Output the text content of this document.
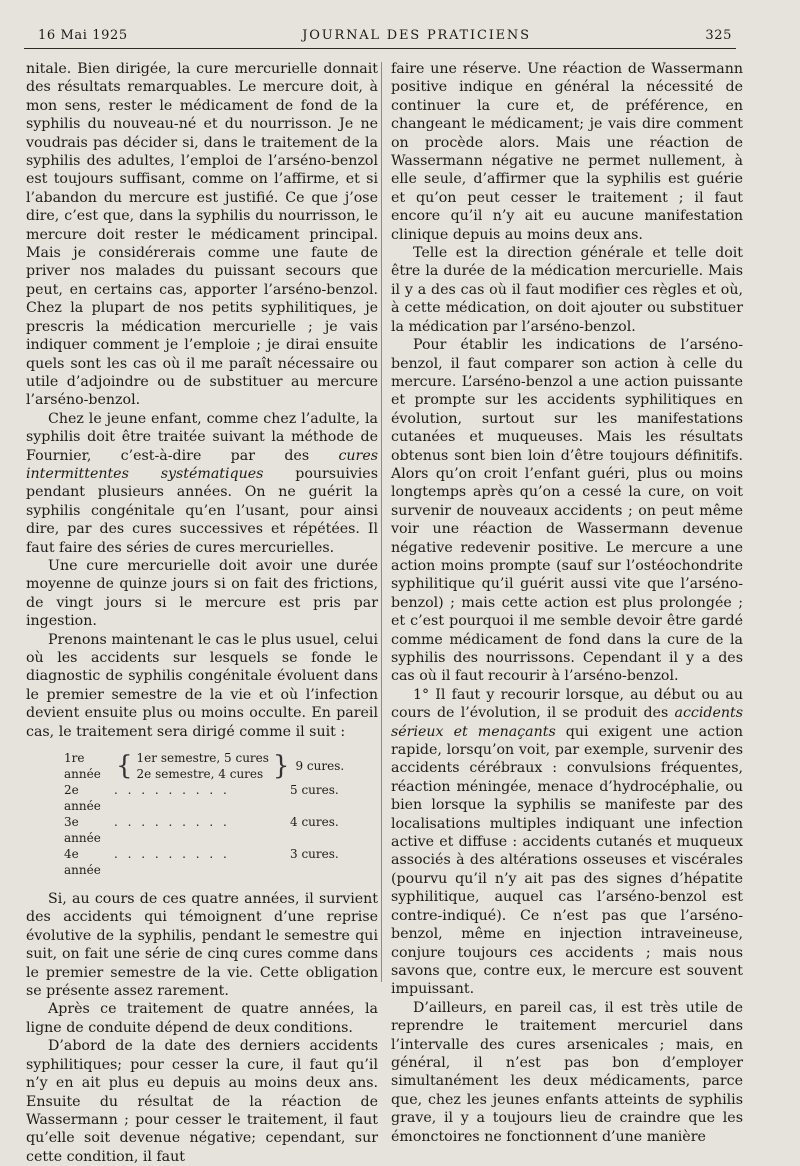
16 Mai 1925	JOURNAL DES PRATICIENS	325

nitale. Bien dirigée, la cure mercurielle donnait des résultats remarquables. Le mercure doit, à mon sens, rester le médicament de fond de la syphilis du nouveau-né et du nourrisson. Je ne voudrais pas décider si, dans le traitement de la syphilis des adultes, l’emploi de l’arséno-benzol est toujours suffisant, comme on l’affirme, et si l’abandon du mercure est justifié. Ce que j’ose dire, c’est que, dans la syphilis du nourrisson, le mercure doit rester le médicament principal. Mais je considérerais comme une faute de priver nos malades du puissant secours que peut, en certains cas, apporter l’arséno-benzol. Chez la plupart de nos petits syphilitiques, je prescris la médication mercurielle ; je vais indiquer comment je l’emploie ; je dirai ensuite quels sont les cas où il me paraît nécessaire ou utile d’adjoindre ou de substituer au mercure l’arséno-benzol.

Chez le jeune enfant, comme chez l’adulte, la syphilis doit être traitée suivant la méthode de Fournier, c’est-à-dire par des cures intermittentes systématiques poursuivies pendant plusieurs années. On ne guérit la syphilis congénitale qu’en l’usant, pour ainsi dire, par des cures successives et répétées. Il faut faire des séries de cures mercurielles.

Une cure mercurielle doit avoir une durée moyenne de quinze jours si on fait des frictions, de vingt jours si le mercure est pris par ingestion.

Prenons maintenant le cas le plus usuel, celui où les accidents sur lesquels se fonde le diagnostic de syphilis congénitale évoluent dans le premier semestre de la vie et où l’infection devient ensuite plus ou moins occulte. En pareil cas, le traitement sera dirigé comme il suit :

1re année { 1er semestre, 5 cures
2e semestre, 4 cures } 9 cures.
2e année
. . . . . . . . .	5 cures.
3e année
. . . . . . . . .	4 cures.
4e année
. . . . . . . . .	3 cures.

Si, au cours de ces quatre années, il survient des accidents qui témoignent d’une reprise évolutive de la syphilis, pendant le semestre qui suit, on fait une série de cinq cures comme dans le premier semestre de la vie. Cette obligation se présente assez rarement.

Après ce traitement de quatre années, la ligne de conduite dépend de deux conditions.

D’abord de la date des derniers accidents syphilitiques; pour cesser la cure, il faut qu’il n’y en ait plus eu depuis au moins deux ans. Ensuite du résultat de la réaction de Wassermann ; pour cesser le traitement, il faut qu’elle soit devenue négative; cependant, sur cette condition, il faut

faire une réserve. Une réaction de Wassermann positive indique en général la nécessité de continuer la cure et, de préférence, en changeant le médicament; je vais dire comment on procède alors. Mais une réaction de Wassermann négative ne permet nullement, à elle seule, d’affirmer que la syphilis est guérie et qu’on peut cesser le traitement ; il faut encore qu’il n’y ait eu aucune manifestation clinique depuis au moins deux ans.

Telle est la direction générale et telle doit être la durée de la médication mercurielle. Mais il y a des cas où il faut modifier ces règles et où, à cette médication, on doit ajouter ou substituer la médication par l’arséno-benzol.

Pour établir les indications de l’arséno-benzol, il faut comparer son action à celle du mercure. L’arséno-benzol a une action puissante et prompte sur les accidents syphilitiques en évolution, surtout sur les manifestations cutanées et muqueuses. Mais les résultats obtenus sont bien loin d’être toujours définitifs. Alors qu’on croit l’enfant guéri, plus ou moins longtemps après qu’on a cessé la cure, on voit survenir de nouveaux accidents ; on peut même voir une réaction de Wassermann devenue négative redevenir positive. Le mercure a une action moins prompte (sauf sur l’ostéochondrite syphilitique qu’il guérit aussi vite que l’arséno-benzol) ; mais cette action est plus prolongée ; et c’est pourquoi il me semble devoir être gardé comme médicament de fond dans la cure de la syphilis des nourrissons. Cependant il y a des cas où il faut recourir à l’arséno-benzol.

1° Il faut y recourir lorsque, au début ou au cours de l’évolution, il se produit des accidents sérieux et menaçants qui exigent une action rapide, lorsqu’on voit, par exemple, survenir des accidents cérébraux : convulsions fréquentes, réaction méningée, menace d’hydrocéphalie, ou bien lorsque la syphilis se manifeste par des localisations multiples indiquant une infection active et diffuse : accidents cutanés et muqueux associés à des altérations osseuses et viscérales (pourvu qu’il n’y ait pas des signes d’hépatite syphilitique, auquel cas l’arséno-benzol est contre-indiqué). Ce n’est pas que l’arséno-benzol, même en injection intraveineuse, conjure toujours ces accidents ; mais nous savons que, contre eux, le mercure est souvent impuissant.

D’ailleurs, en pareil cas, il est très utile de reprendre le traitement mercuriel dans l’intervalle des cures arsenicales ; mais, en général, il n’est pas bon d’employer simultanément les deux médicaments, parce que, chez les jeunes enfants atteints de syphilis grave, il y a toujours lieu de craindre que les émonctoires ne fonctionnent d’une manière
